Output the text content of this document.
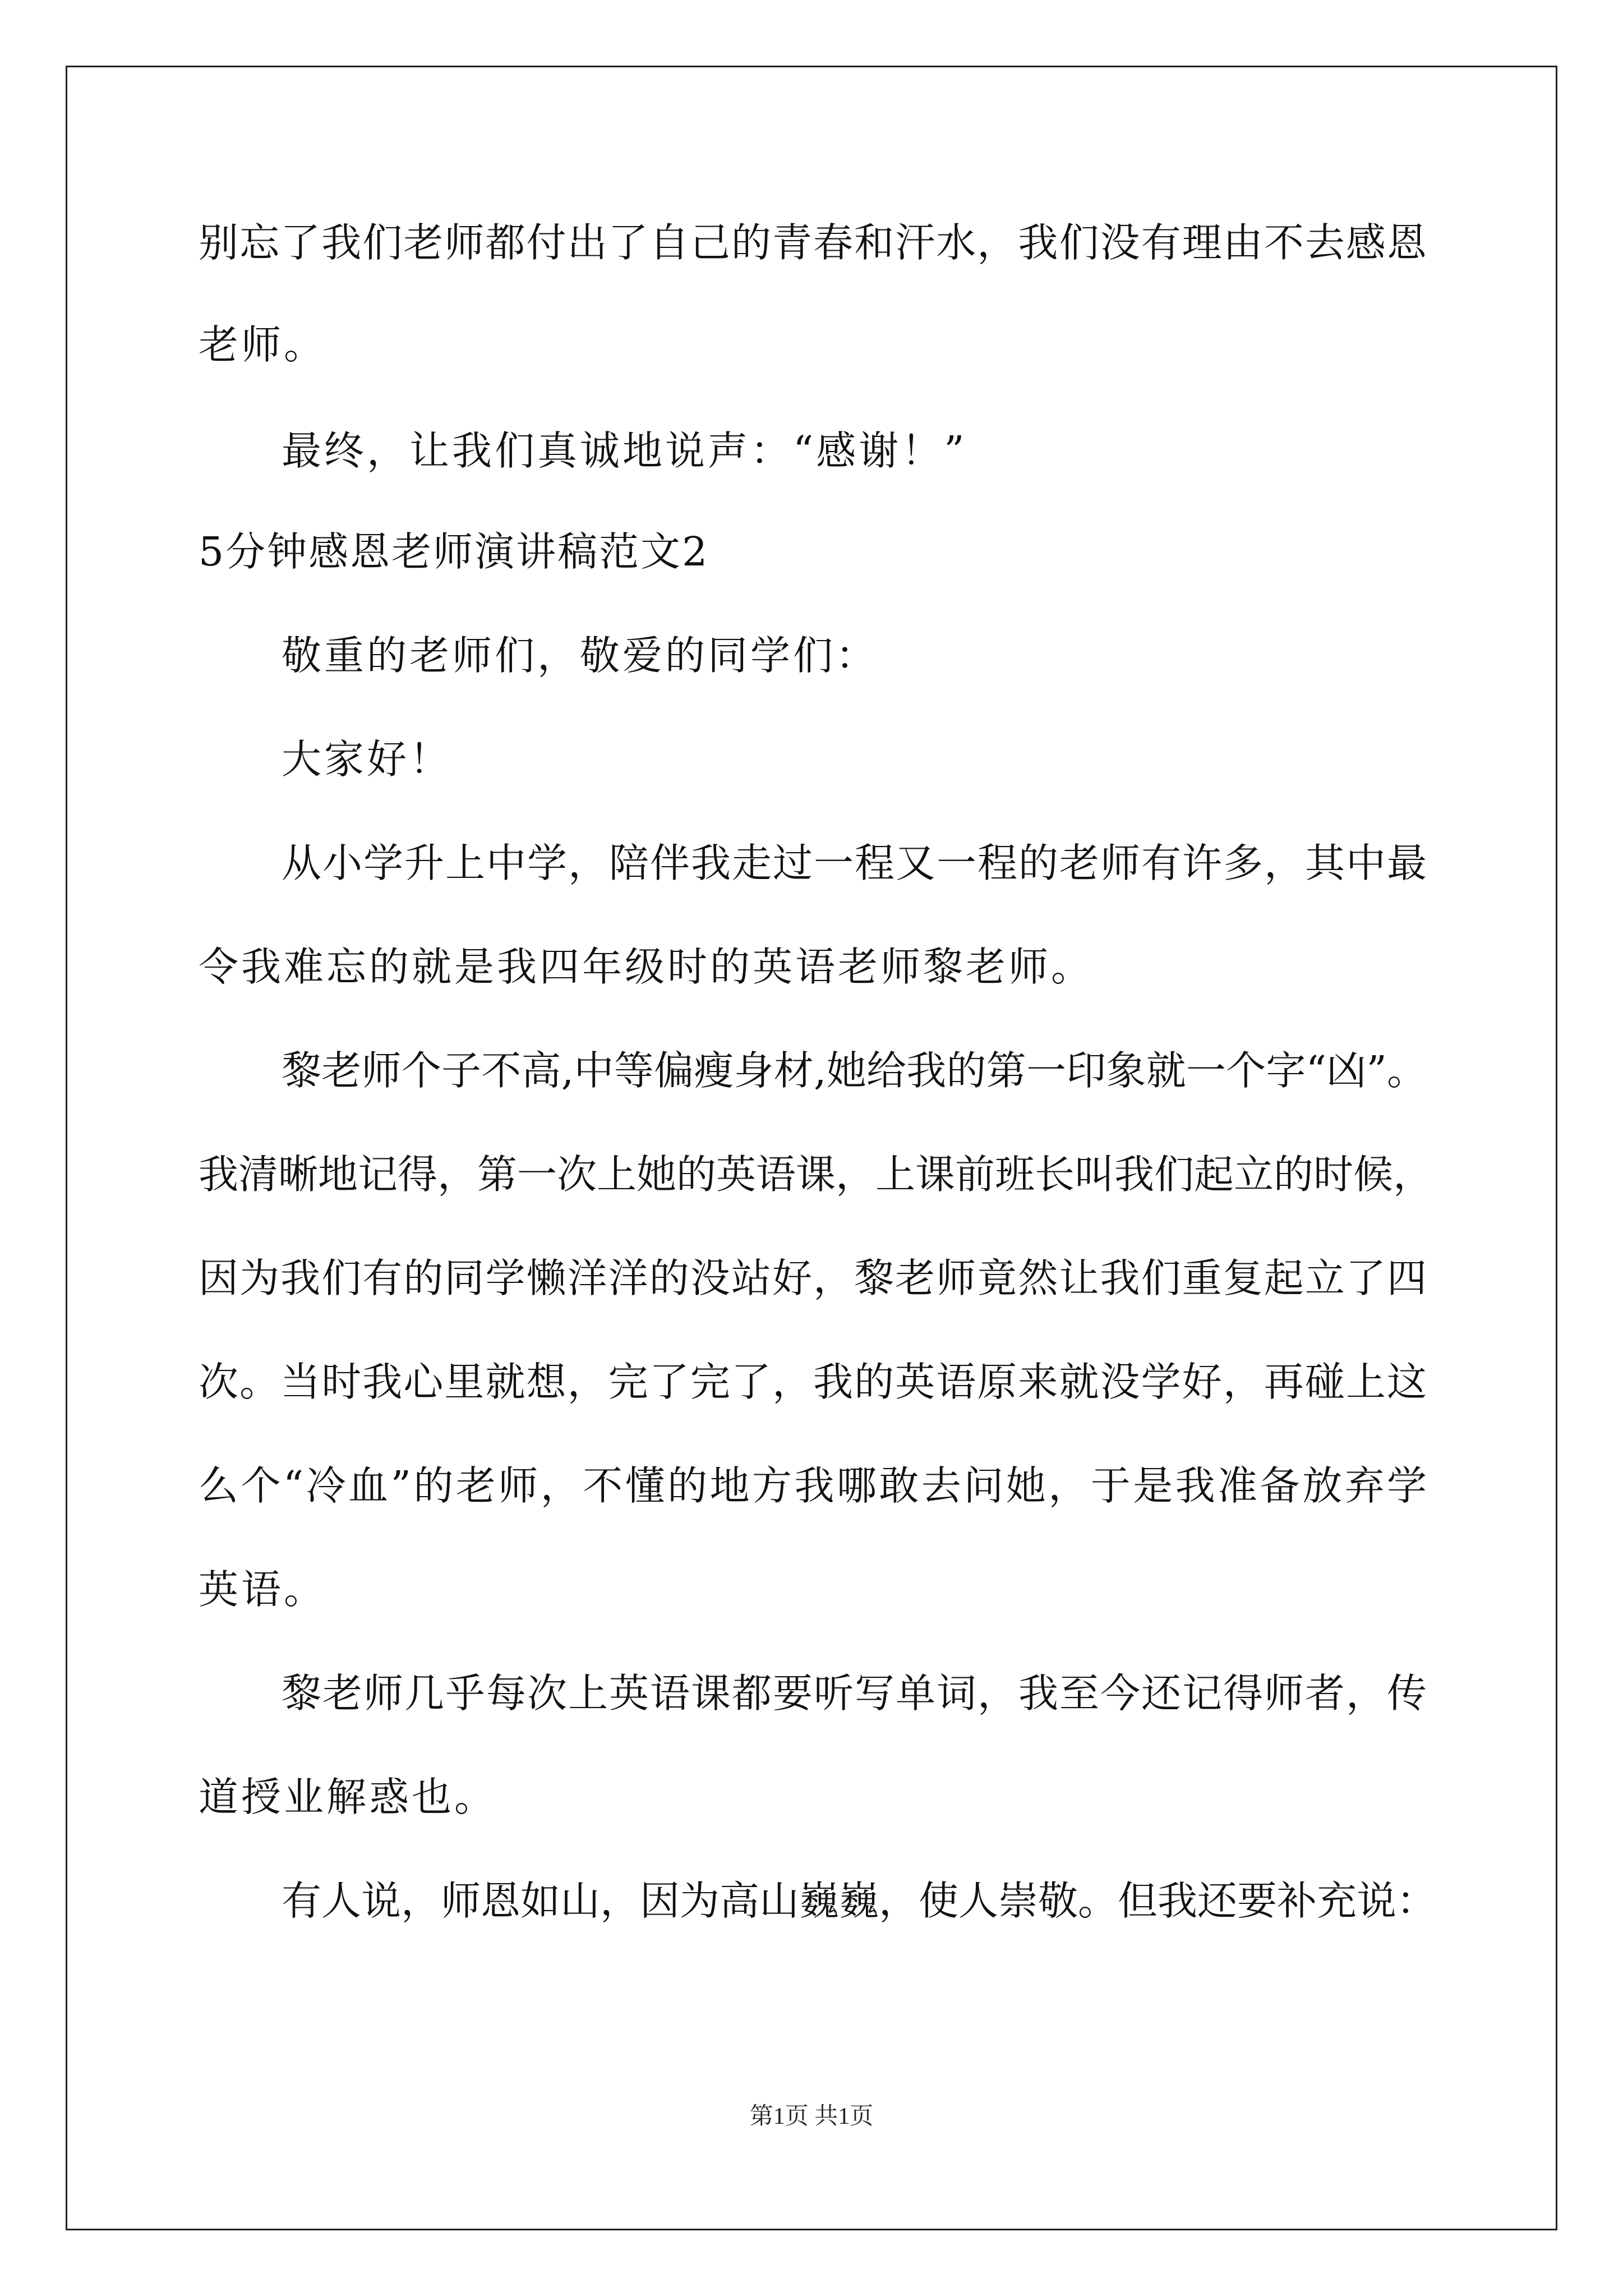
别忘了我们老师都付出了自己的青春和汗水，我们没有理由不去感恩
老师。
最终，让我们真诚地说声：“感谢！”
5分钟感恩老师演讲稿范文2
敬重的老师们，敬爱的同学们：
大家好！
从小学升上中学，陪伴我走过一程又一程的老师有许多，其中最
令我难忘的就是我四年级时的英语老师黎老师。
黎老师个子不高,中等偏瘦身材,她给我的第一印象就一个字“凶”。
我清晰地记得，第一次上她的英语课，上课前班长叫我们起立的时候，
因为我们有的同学懒洋洋的没站好，黎老师竟然让我们重复起立了四
次。当时我心里就想，完了完了，我的英语原来就没学好，再碰上这
么个“冷血”的老师，不懂的地方我哪敢去问她，于是我准备放弃学
英语。
黎老师几乎每次上英语课都要听写单词，我至今还记得师者，传
道授业解惑也。
有人说，师恩如山，因为高山巍巍，使人崇敬。但我还要补充说：
第1页 共1页
